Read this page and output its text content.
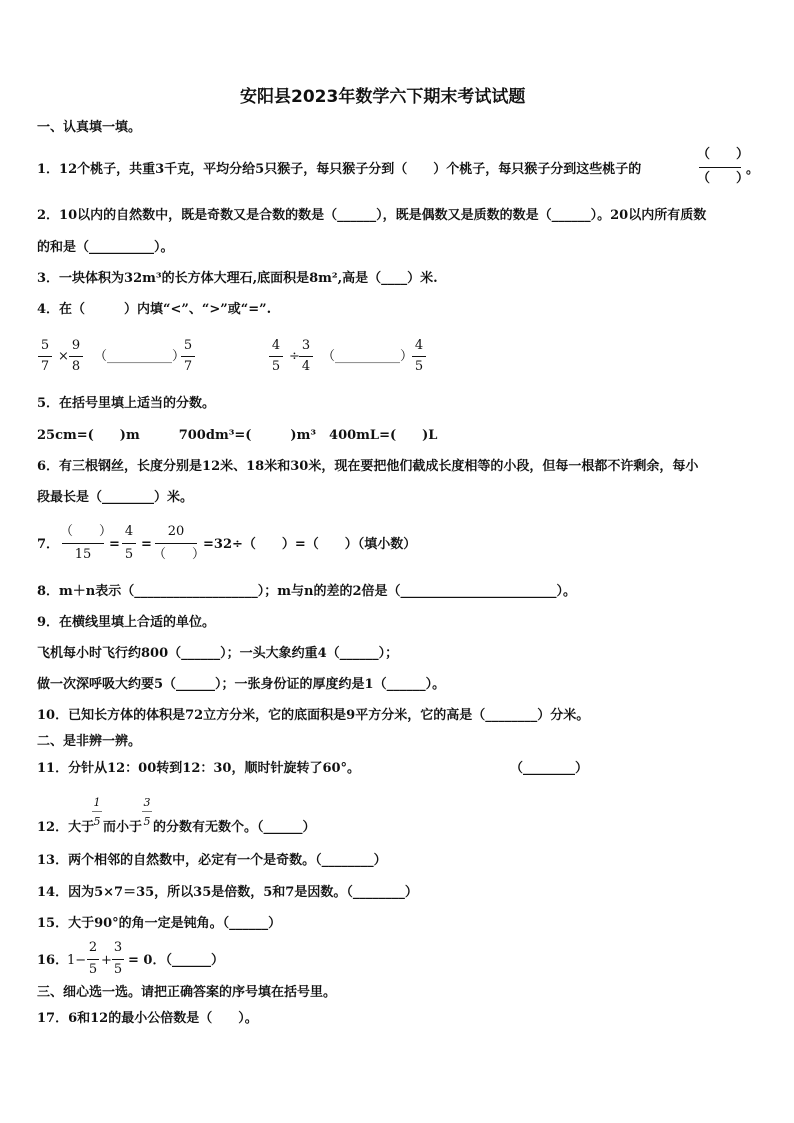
安阳县2023年数学六下期末考试试题
一、认真填一填。
1．12个桃子，共重3千克，平均分给5只猴子，每只猴子分到（　　）个桃子，每只猴子分到这些桃子的
（　　）
（　　）
。
2．10以内的自然数中，既是奇数又是合数的数是（______），既是偶数又是质数的数是（______）。20以内所有质数
的和是（__________）。
3．一块体积为32m³的长方体大理石,底面积是8m²,高是（____）米.
4．在（　　　）内填“<”、“>”或“=”.
5
7
×
9
8
（__________）
5
7
4
5
÷
3
4
（__________）
4
5
5．在括号里填上适当的分数。
25cm=(　　)m　　　700dm³=(　　　)m³　400mL=(　　)L
6．有三根钢丝，长度分别是12米、18米和30米，现在要把他们截成长度相等的小段，但每一根都不许剩余，每小
段最长是（________）米。
7．
（　　）
15
=
4
5
=
20
（　　）
=32÷（　　）=（　　）（填小数）
8．m＋n表示（___________________）；m与n的差的2倍是（________________________）。
9．在横线里填上合适的单位。
飞机每小时飞行约800（______）；一头大象约重4（______）；
做一次深呼吸大约要5（______）；一张身份证的厚度约是1（______）。
10．已知长方体的体积是72立方分米，它的底面积是9平方分米，它的高是（________）分米。
二、是非辨一辨。
11．分针从12：00转到12：30，顺时针旋转了60°。	（________）
1
5
3
5
12．大于 而小于 的分数有无数个。（______）
13．两个相邻的自然数中，必定有一个是奇数。（________）
14．因为5×7＝35，所以35是倍数，5和7是因数。（________）
15．大于90°的角一定是钝角。（______）
16．
1−
2
5
+
3
5
= 0．（______）
三、细心选一选。请把正确答案的序号填在括号里。
17．6和12的最小公倍数是（　　）。
